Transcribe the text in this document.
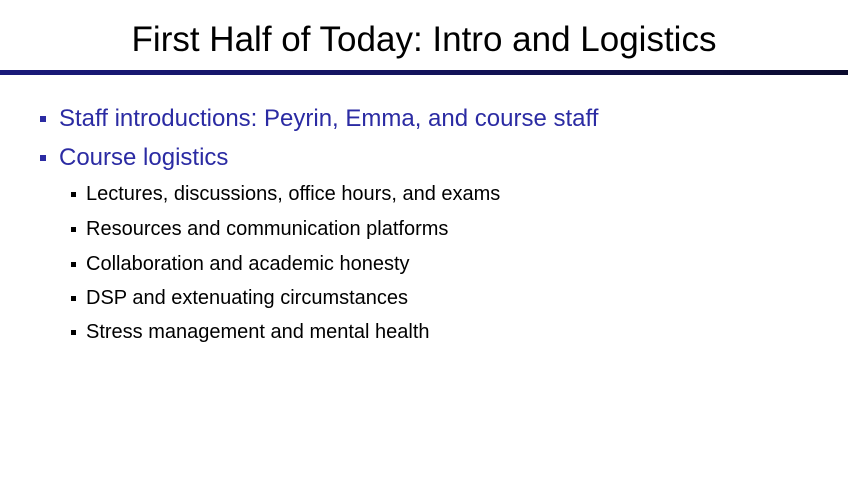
First Half of Today: Intro and Logistics
Staff introductions: Peyrin, Emma, and course staff
Course logistics
Lectures, discussions, office hours, and exams
Resources and communication platforms
Collaboration and academic honesty
DSP and extenuating circumstances
Stress management and mental health
